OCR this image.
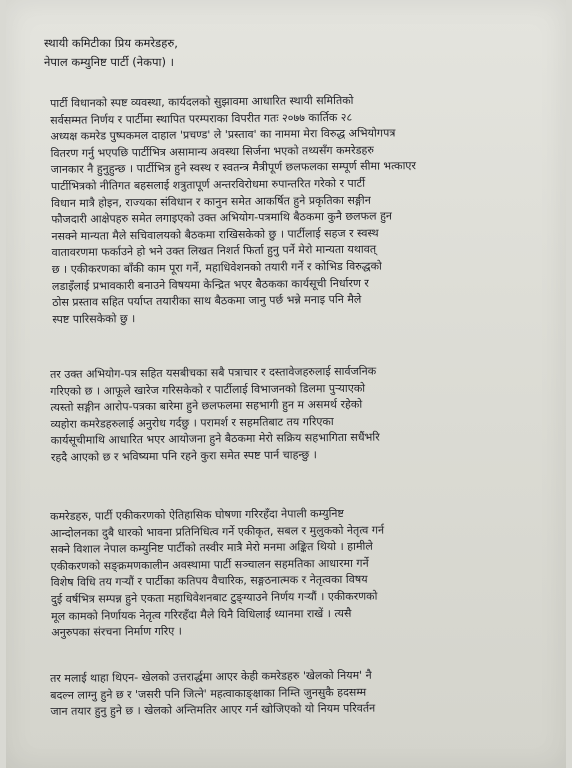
स्थायी कमिटीका प्रिय कमरेडहरु,
नेपाल कम्युनिष्ट पार्टी (नेकपा) ।
पार्टी विधानको स्पष्ट व्यवस्था, कार्यदलको सुझावमा आधारित स्थायी समितिको
सर्वसम्मत निर्णय र पार्टीमा स्थापित परम्पराका विपरीत गतः २०७७ कार्तिक २८
अध्यक्ष कमरेड पुष्पकमल दाहाल 'प्रचण्ड' ले 'प्रस्ताव' का नाममा मेरा विरुद्ध अभियोगपत्र
वितरण गर्नु भएपछि पार्टीभित्र असामान्य अवस्था सिर्जना भएको तथ्यसँग कमरेडहरु
जानकार नै हुनुहुन्छ । पार्टीभित्र हुने स्वस्थ र स्वतन्त्र मैत्रीपूर्ण छलफलका सम्पूर्ण सीमा भत्काएर
पार्टीभित्रको नीतिगत बहसलाई शत्रुतापूर्ण अन्तरविरोधमा रुपान्तरित गरेको र पार्टी
विधान मात्रै होइन, राज्यका संविधान र कानुन समेत आकर्षित हुने प्रकृतिका सङ्गीन
फौजदारी आक्षेपहरु समेत लगाइएको उक्त अभियोग-पत्रमाथि बैठकमा कुनै छलफल हुन
नसक्ने मान्यता मैले सचिवालयको बैठकमा राखिसकेको छु । पार्टीलाई सहज र स्वस्थ
वातावरणमा फर्काउने हो भने उक्त लिखत निशर्त फिर्ता हुनु पर्ने मेरो मान्यता यथावत्
छ । एकीकरणका बाँकी काम पूरा गर्ने, महाधिवेशनको तयारी गर्ने र कोभिड विरुद्धको
लडाइँलाई प्रभावकारी बनाउने विषयमा केन्द्रित भएर बैठकका कार्यसूची निर्धारण र
ठोस प्रस्ताव सहित पर्याप्त तयारीका साथ बैठकमा जानु पर्छ भन्ने मनाइ पनि मैले
स्पष्ट पारिसकेको छु ।
तर उक्त अभियोग-पत्र सहित यसबीचका सबै पत्राचार र दस्तावेजहरुलाई सार्वजनिक
गरिएको छ । आफूले खारेज गरिसकेको र पार्टीलाई विभाजनको डिलमा पुऱ्याएको
त्यस्तो सङ्गीन आरोप-पत्रका बारेमा हुने छलफलमा सहभागी हुन म असमर्थ रहेको
व्यहोरा कमरेडहरुलाई अनुरोध गर्दछु । परामर्श र सहमतिबाट तय गरिएका
कार्यसूचीमाथि आधारित भएर आयोजना हुने बैठकमा मेरो सक्रिय सहभागिता सधैंभरि
रहदै आएको छ र भविष्यमा पनि रहने कुरा समेत स्पष्ट पार्न चाहन्छु ।
कमरेडहरु, पार्टी एकीकरणको ऐतिहासिक घोषणा गरिरहँदा नेपाली कम्युनिष्ट
आन्दोलनका दुबै धारको भावना प्रतिनिधित्व गर्ने एकीकृत, सबल र मुलुकको नेतृत्व गर्न
सक्ने विशाल नेपाल कम्युनिष्ट पार्टीको तस्वीर मात्रै मेरो मनमा अङ्कित थियो । हामीले
एकीकरणको सङ्क्रमणकालीन अवस्थामा पार्टी सञ्चालन सहमतिका आधारमा गर्ने
विशेष विधि तय गऱ्यौं र पार्टीका कतिपय वैचारिक, सङ्गठनात्मक र नेतृत्वका विषय
दुई वर्षभित्र सम्पन्न हुने एकता महाधिवेशनबाट टुङ्ग्याउने निर्णय गऱ्यौं । एकीकरणको
मूल कामको निर्णायक नेतृत्व गरिरहँदा मैले यिनै विधिलाई ध्यानमा राखें । त्यसै
अनुरुपका संरचना निर्माण गरिए ।
तर मलाई थाहा थिएन- खेलको उत्तरार्द्धमा आएर केही कमरेडहरु 'खेलको नियम' नै
बदल्न लाग्नु हुने छ र 'जसरी पनि जित्ने' महत्वाकाङ्क्षाका निम्ति जुनसुकै हदसम्म
जान तयार हुनु हुने छ । खेलको अन्तिमतिर आएर गर्न खोजिएको यो नियम परिवर्तन
